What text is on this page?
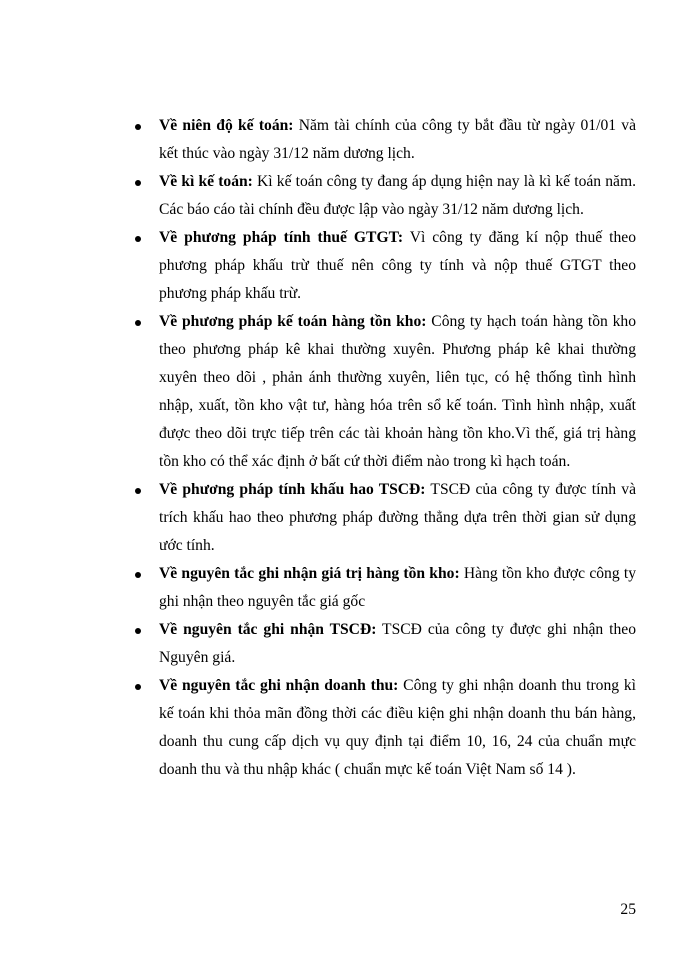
Về niên độ kế toán: Năm tài chính của công ty bắt đầu từ ngày 01/01 và kết thúc vào ngày 31/12 năm dương lịch.
Về kì kế toán: Kì kế toán công ty đang áp dụng hiện nay là kì kế toán năm. Các báo cáo tài chính đều được lập vào ngày 31/12 năm dương lịch.
Về phương pháp tính thuế GTGT: Vì công ty đăng kí nộp thuế theo phương pháp khấu trừ thuế nên công ty tính và nộp thuế GTGT theo phương pháp khấu trừ.
Về phương pháp kế toán hàng tồn kho: Công ty hạch toán hàng tồn kho theo phương pháp kê khai thường xuyên. Phương pháp kê khai thường xuyên theo dõi , phản ánh thường xuyên, liên tục, có hệ thống tình hình nhập, xuất, tồn kho vật tư, hàng hóa trên sổ kế toán. Tình hình nhập, xuất được theo dõi trực tiếp trên các tài khoản hàng tồn kho.Vì thế, giá trị hàng tồn kho có thể xác định ở bất cứ thời điểm nào trong kì hạch toán.
Về phương pháp tính khấu hao TSCĐ: TSCĐ của công ty được tính và trích khấu hao theo phương pháp đường thẳng dựa trên thời gian sử dụng ước tính.
Về nguyên tắc ghi nhận giá trị hàng tồn kho: Hàng tồn kho được công ty ghi nhận theo nguyên tắc giá gốc
Về nguyên tắc ghi nhận TSCĐ: TSCĐ của công ty được ghi nhận theo Nguyên giá.
Về nguyên tắc ghi nhận doanh thu: Công ty ghi nhận doanh thu trong kì kế toán khi thỏa mãn đồng thời các điều kiện ghi nhận doanh thu bán hàng, doanh thu cung cấp dịch vụ quy định tại điểm 10, 16, 24 của chuẩn mực doanh thu và thu nhập khác ( chuẩn mực kế toán Việt Nam số 14 ).
25
